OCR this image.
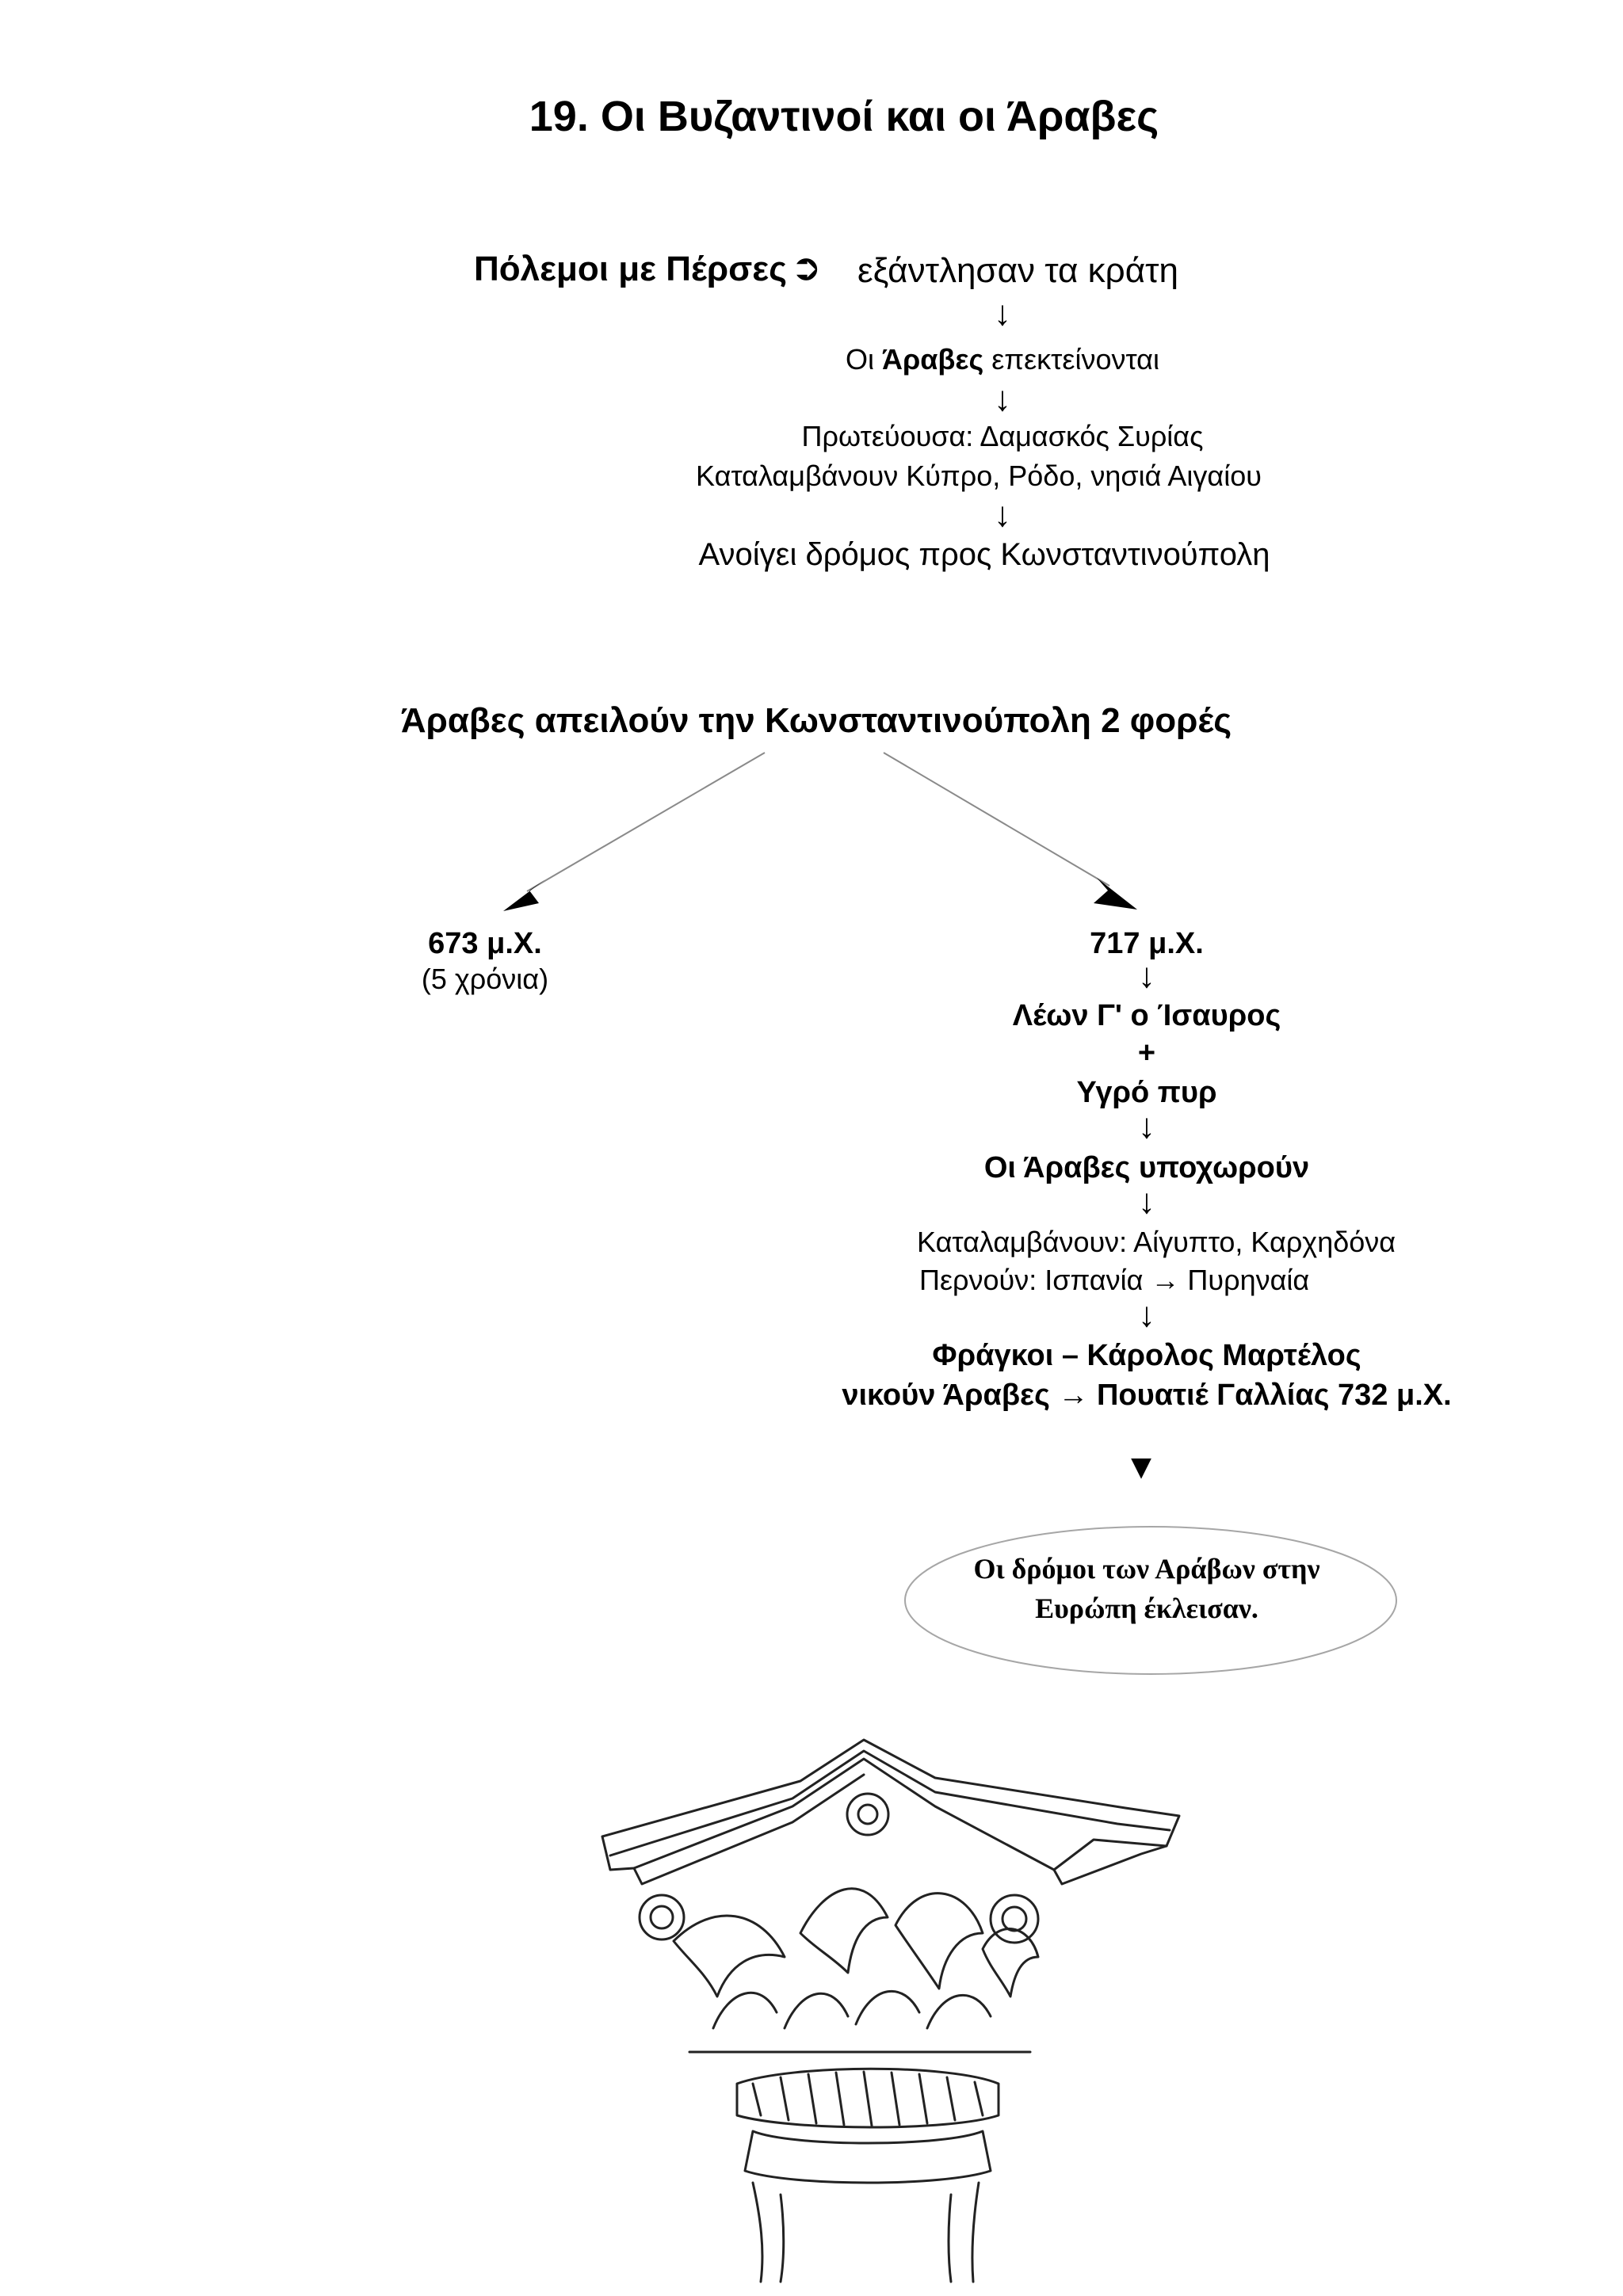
19. Οι Βυζαντινοί και οι Άραβες
Πόλεμοι με Πέρσες ➲ εξάντλησαν τα κράτη
↓
Οι Άραβες επεκτείνονται
↓
Πρωτεύουσα: Δαμασκός Συρίας
Καταλαμβάνουν Κύπρο, Ρόδο, νησιά Αιγαίου
↓
Ανοίγει δρόμος προς Κωνσταντινούπολη
Άραβες απειλούν την Κωνσταντινούπολη 2 φορές
673 μ.Χ.
(5 χρόνια)
717 μ.Χ.
↓
Λέων Γ' ο Ίσαυρος
+
Υγρό πυρ
↓
Οι Άραβες υποχωρούν
↓
Καταλαμβάνουν: Αίγυπτο, Καρχηδόνα
Περνούν: Ισπανία → Πυρηναία
↓
Φράγκοι – Κάρολος Μαρτέλος
νικούν Άραβες → Πουατιέ Γαλλίας 732 μ.Χ.
▼
Οι δρόμοι των Αράβων στην
Ευρώπη έκλεισαν.
